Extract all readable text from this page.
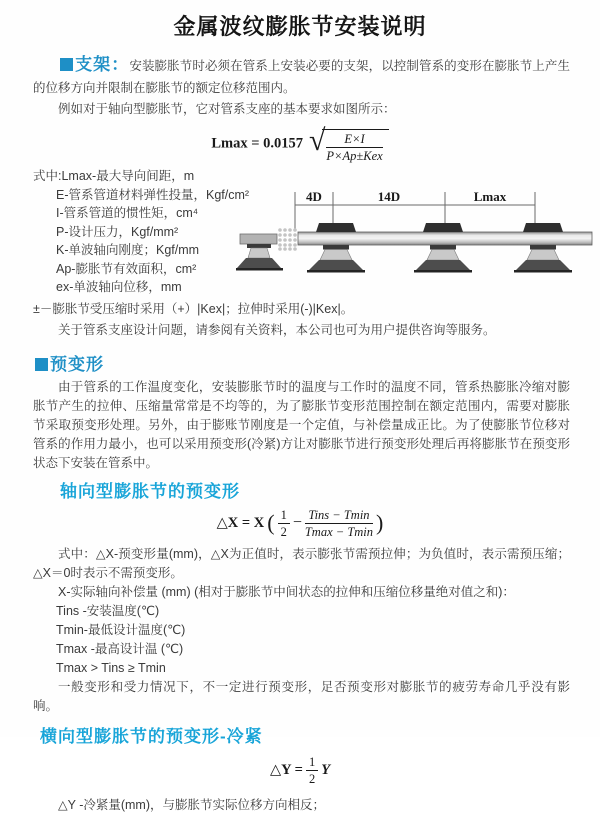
金属波纹膨胀节安装说明

支架：安装膨胀节时必须在管系上安装必要的支架，以控制管系的变形在膨胀节上产生的位移方向并限制在膨胀节的额定位移范围内。

例如对于轴向型膨胀节，它对管系支座的基本要求如图所示：

Lmax = 0.0157 √ $\frac{E\times I}{\text{P×Ap±Kex}}$
式中:Lmax-最大导向间距，m
E-管系管道材料弹性投量，Kgf/cm²
I-管系管道的惯性矩，cm⁴
P-设计压力，Kgf/mm²
K-单波轴向刚度；Kgf/mm
Ap-膨胀节有效面积，cm²
ex-单波轴向位移，mm
±－膨胀节受压缩时采用（+）|Kex|；拉伸时采用(-)|Kex|。
关于管系支座设计问题，请参阅有关资料，本公司也可为用户提供咨询等服务。
4D	14D	Lmax
预变形

由于管系的工作温度变化，安装膨胀节时的温度与工作时的温度不同，管系热膨胀冷缩对膨胀节产生的拉伸、压缩量常常是不均等的，为了膨胀节变形范围控制在额定范围内，需要对膨胀节采取预变形处理。另外，由于膨账节刚度是一个定值，与补偿量成正比。为了使膨胀节位移对管系的作用力最小，也可以采用预变形(冷紧)方让对膨胀节进行预变形处理后再将膨胀节在预变形状态下安装在管系中。

轴向型膨胀节的预变形
△X = X ( $\frac{1}{2} - \frac{\text{Tins − Tmin}}{Tmax - Tmin}$ )

式中：△X-预变形量(mm)，△X为正值时，表示膨张节需预拉伸；为负值时，表示需预压缩；△X＝0时表示不需预变形。

X-实际轴向补偿量 (mm) (相对于膨胀节中间状态的拉伸和压缩位移量绝对值之和)：

Tins -安装温度(℃)
Tmin-最低设计温度(℃)
Tmax -最高设计温 (℃)
Tmax > Tins ≥ Tmin

一般变形和受力情况下，不一定进行预变形，足否预变形对膨胀节的疲劳寿命几乎没有影响。

横向型膨胀节的预变形-冷紧
△Y = $\frac{1}{2}$ Y

△Y -冷紧量(mm)，与膨胀节实际位移方向相反；
